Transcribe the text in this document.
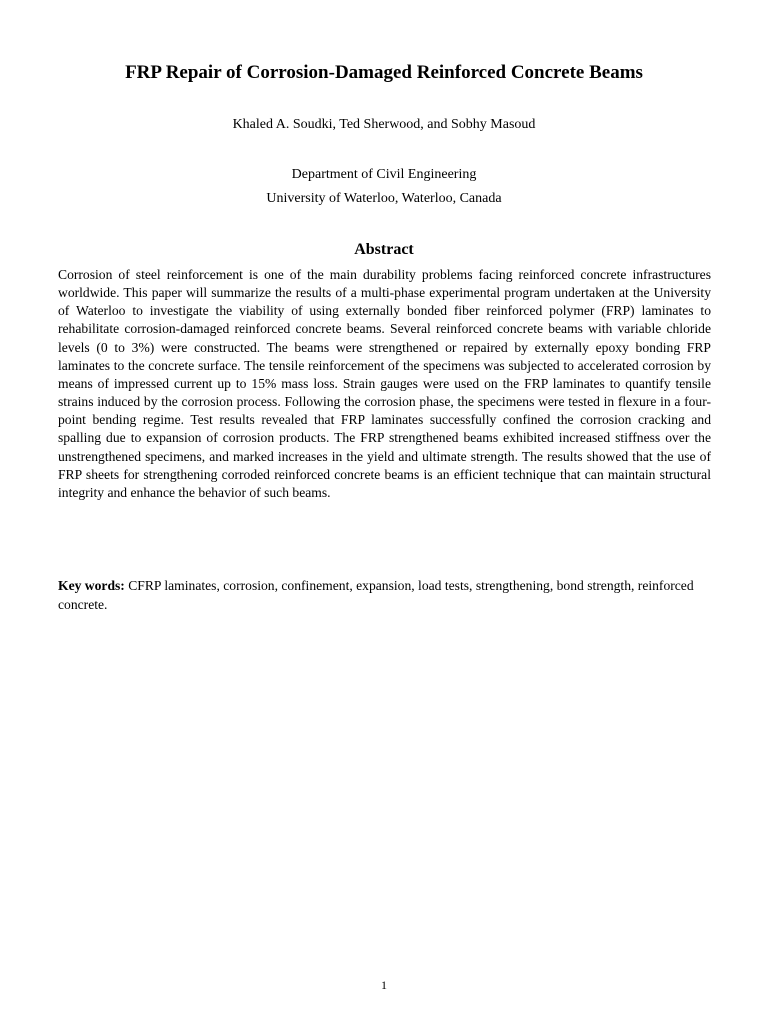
FRP Repair of Corrosion-Damaged Reinforced Concrete Beams

Khaled A. Soudki, Ted Sherwood, and Sobhy Masoud

Department of Civil Engineering
University of Waterloo, Waterloo, Canada
Abstract

Corrosion of steel reinforcement is one of the main durability problems facing reinforced concrete infrastructures worldwide. This paper will summarize the results of a multi-phase experimental program undertaken at the University of Waterloo to investigate the viability of using externally bonded fiber reinforced polymer (FRP) laminates to rehabilitate corrosion-damaged reinforced concrete beams. Several reinforced concrete beams with variable chloride levels (0 to 3%) were constructed. The beams were strengthened or repaired by externally epoxy bonding FRP laminates to the concrete surface. The tensile reinforcement of the specimens was subjected to accelerated corrosion by means of impressed current up to 15% mass loss. Strain gauges were used on the FRP laminates to quantify tensile strains induced by the corrosion process. Following the corrosion phase, the specimens were tested in flexure in a four-point bending regime. Test results revealed that FRP laminates successfully confined the corrosion cracking and spalling due to expansion of corrosion products. The FRP strengthened beams exhibited increased stiffness over the unstrengthened specimens, and marked increases in the yield and ultimate strength. The results showed that the use of FRP sheets for strengthening corroded reinforced concrete beams is an efficient technique that can maintain structural integrity and enhance the behavior of such beams.

Key words: CFRP laminates, corrosion, confinement, expansion, load tests, strengthening, bond strength, reinforced concrete.

1
